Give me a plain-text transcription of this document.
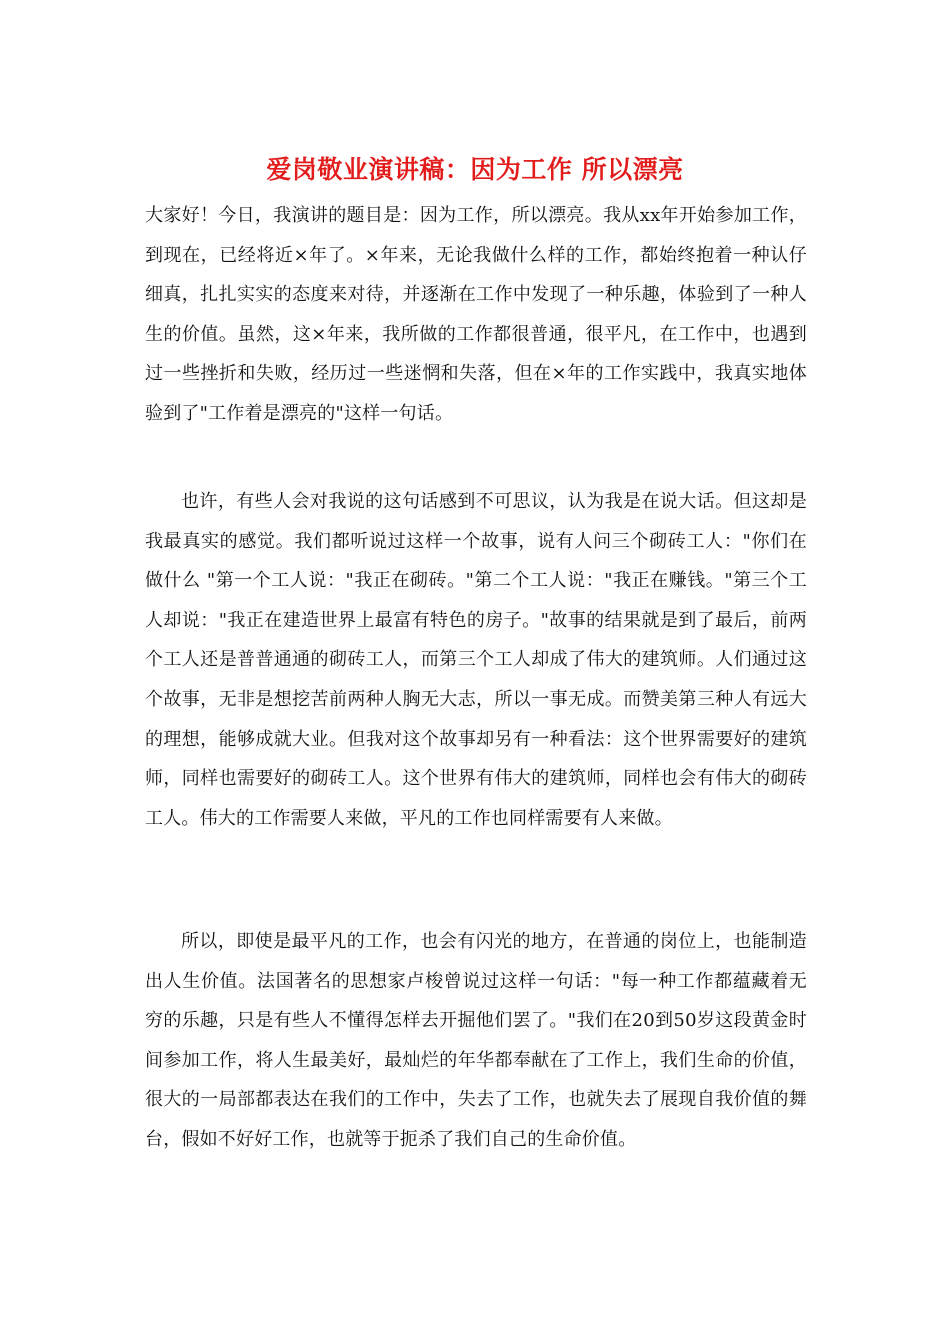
爱岗敬业演讲稿：因为工作 所以漂亮
大家好！今日，我演讲的题目是：因为工作，所以漂亮。我从xx年开始参加工作，到现在，已经将近×年了。×年来，无论我做什么样的工作，都始终抱着一种认仔细真，扎扎实实的态度来对待，并逐渐在工作中发现了一种乐趣，体验到了一种人生的价值。虽然，这×年来，我所做的工作都很普通，很平凡，在工作中，也遇到过一些挫折和失败，经历过一些迷惘和失落，但在×年的工作实践中，我真实地体验到了"工作着是漂亮的"这样一句话。
也许，有些人会对我说的这句话感到不可思议，认为我是在说大话。但这却是我最真实的感觉。我们都听说过这样一个故事，说有人问三个砌砖工人："你们在做什么 "第一个工人说："我正在砌砖。"第二个工人说："我正在赚钱。"第三个工人却说："我正在建造世界上最富有特色的房子。"故事的结果就是到了最后，前两个工人还是普普通通的砌砖工人，而第三个工人却成了伟大的建筑师。人们通过这个故事，无非是想挖苦前两种人胸无大志，所以一事无成。而赞美第三种人有远大的理想，能够成就大业。但我对这个故事却另有一种看法：这个世界需要好的建筑师，同样也需要好的砌砖工人。这个世界有伟大的建筑师，同样也会有伟大的砌砖工人。伟大的工作需要人来做，平凡的工作也同样需要有人来做。
所以，即使是最平凡的工作，也会有闪光的地方，在普通的岗位上，也能制造出人生价值。法国著名的思想家卢梭曾说过这样一句话："每一种工作都蕴藏着无穷的乐趣，只是有些人不懂得怎样去开掘他们罢了。"我们在20到50岁这段黄金时间参加工作，将人生最美好，最灿烂的年华都奉献在了工作上，我们生命的价值，很大的一局部都表达在我们的工作中，失去了工作，也就失去了展现自我价值的舞台，假如不好好工作，也就等于扼杀了我们自己的生命价值。
